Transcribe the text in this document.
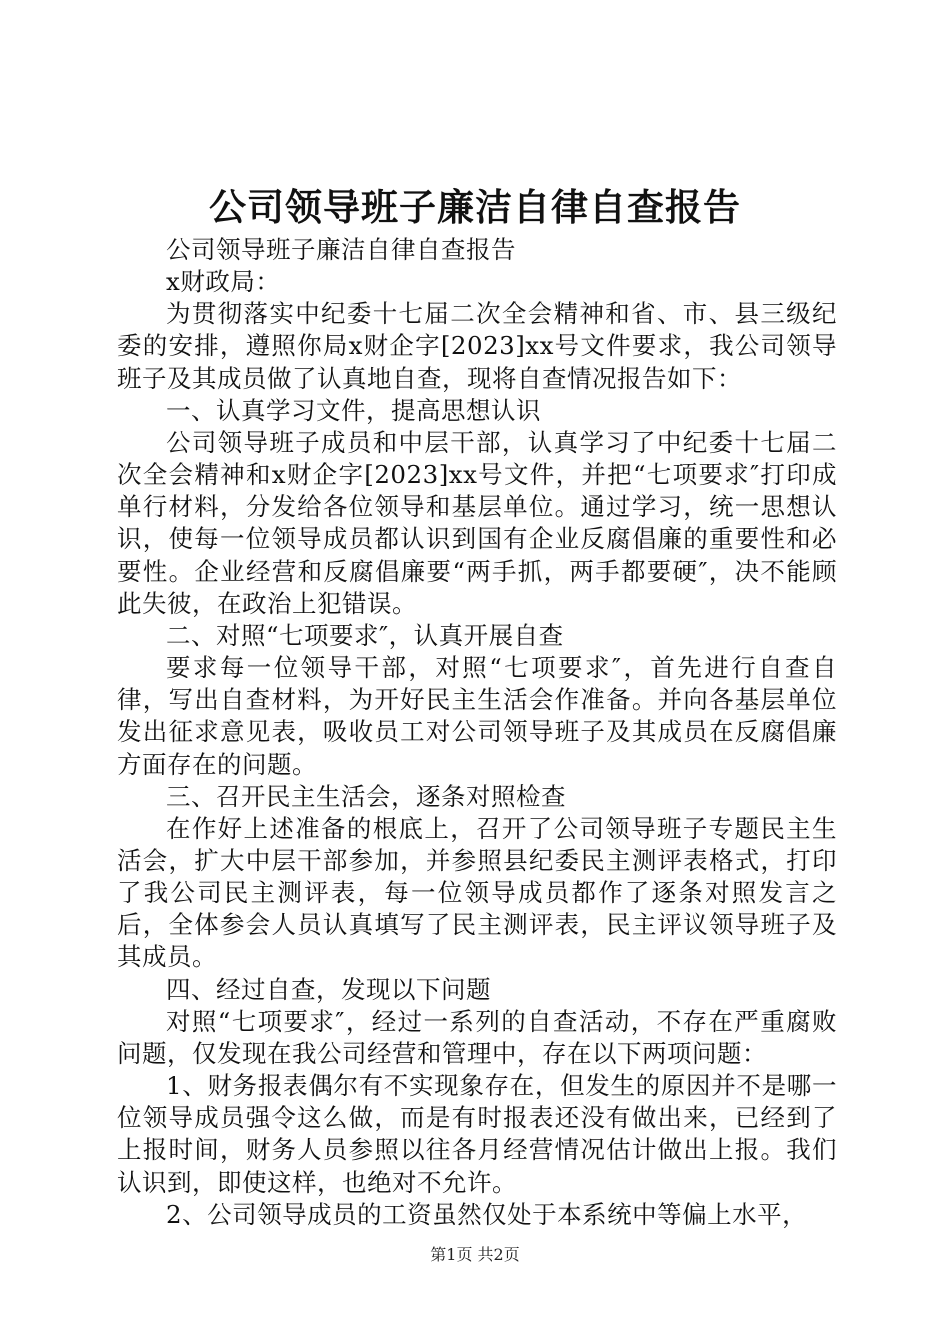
公司领导班子廉洁自律自查报告

公司领导班子廉洁自律自查报告

x财政局：

为贯彻落实中纪委十七届二次全会精神和省、市、县三级纪委的安排，遵照你局x财企字[2023]xx号文件要求，我公司领导班子及其成员做了认真地自查，现将自查情况报告如下：

一、认真学习文件，提高思想认识

公司领导班子成员和中层干部，认真学习了中纪委十七届二次全会精神和x财企字[2023]xx号文件，并把“七项要求″打印成单行材料，分发给各位领导和基层单位。通过学习，统一思想认识，使每一位领导成员都认识到国有企业反腐倡廉的重要性和必要性。企业经营和反腐倡廉要“两手抓，两手都要硬″，决不能顾此失彼，在政治上犯错误。

二、对照“七项要求″，认真开展自查

要求每一位领导干部，对照“七项要求″，首先进行自查自律，写出自查材料，为开好民主生活会作准备。并向各基层单位发出征求意见表，吸收员工对公司领导班子及其成员在反腐倡廉方面存在的问题。

三、召开民主生活会，逐条对照检查

在作好上述准备的根底上，召开了公司领导班子专题民主生活会，扩大中层干部参加，并参照县纪委民主测评表格式，打印了我公司民主测评表，每一位领导成员都作了逐条对照发言之后，全体参会人员认真填写了民主测评表，民主评议领导班子及其成员。

四、经过自查，发现以下问题

对照“七项要求″，经过一系列的自查活动，不存在严重腐败问题，仅发现在我公司经营和管理中，存在以下两项问题：

1、财务报表偶尔有不实现象存在，但发生的原因并不是哪一位领导成员强令这么做，而是有时报表还没有做出来，已经到了上报时间，财务人员参照以往各月经营情况估计做出上报。我们认识到，即使这样，也绝对不允许。

2、公司领导成员的工资虽然仅处于本系统中等偏上水平，

第1页 共2页
